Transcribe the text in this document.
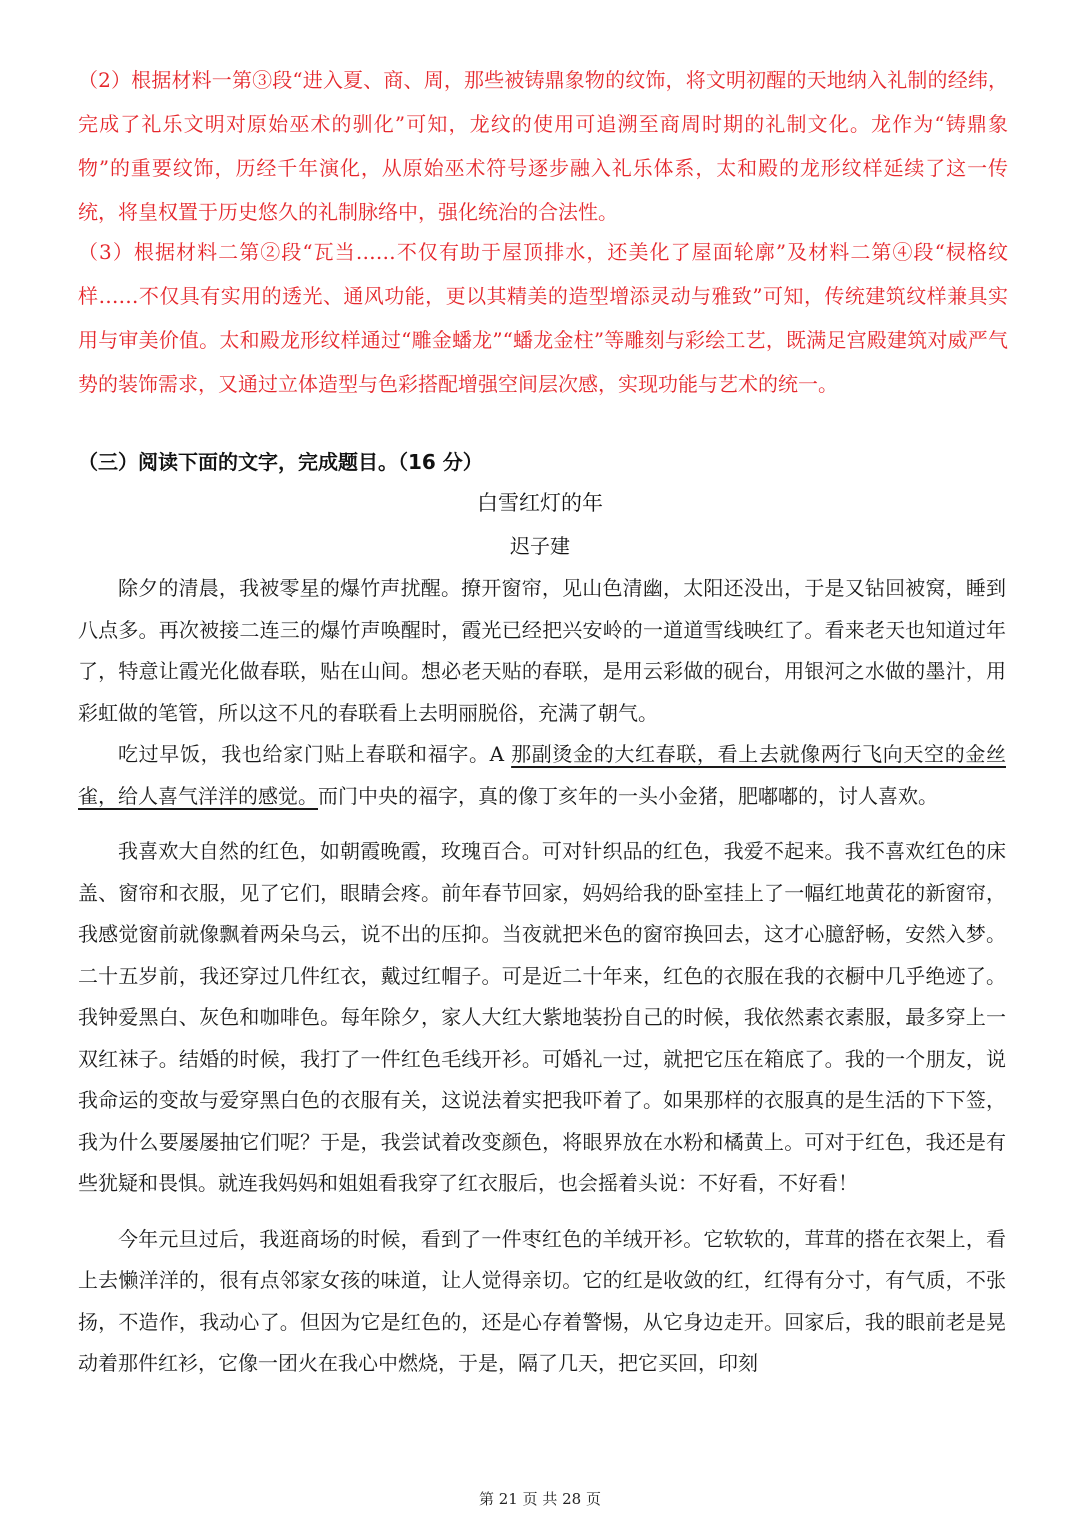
（2）根据材料一第③段“进入夏、商、周，那些被铸鼎象物的纹饰，将文明初醒的天地纳入礼制的经纬，完成了礼乐文明对原始巫术的驯化”可知，龙纹的使用可追溯至商周时期的礼制文化。龙作为“铸鼎象物”的重要纹饰，历经千年演化，从原始巫术符号逐步融入礼乐体系，太和殿的龙形纹样延续了这一传统，将皇权置于历史悠久的礼制脉络中，强化统治的合法性。

（3）根据材料二第②段“瓦当……不仅有助于屋顶排水，还美化了屋面轮廓”及材料二第④段“棂格纹样……不仅具有实用的透光、通风功能，更以其精美的造型增添灵动与雅致”可知，传统建筑纹样兼具实用与审美价值。太和殿龙形纹样通过“雕金蟠龙”“蟠龙金柱”等雕刻与彩绘工艺，既满足宫殿建筑对威严气势的装饰需求，又通过立体造型与色彩搭配增强空间层次感，实现功能与艺术的统一。

（三）阅读下面的文字，完成题目。（16 分）
白雪红灯的年
迟子建

除夕的清晨，我被零星的爆竹声扰醒。撩开窗帘，见山色清幽，太阳还没出，于是又钻回被窝，睡到八点多。再次被接二连三的爆竹声唤醒时，霞光已经把兴安岭的一道道雪线映红了。看来老天也知道过年了，特意让霞光化做春联，贴在山间。想必老天贴的春联，是用云彩做的砚台，用银河之水做的墨汁，用彩虹做的笔管，所以这不凡的春联看上去明丽脱俗，充满了朝气。

吃过早饭，我也给家门贴上春联和福字。A 那副烫金的大红春联，看上去就像两行飞向天空的金丝雀，给人喜气洋洋的感觉。而门中央的福字，真的像丁亥年的一头小金猪，肥嘟嘟的，讨人喜欢。

我喜欢大自然的红色，如朝霞晚霞，玫瑰百合。可对针织品的红色，我爱不起来。我不喜欢红色的床盖、窗帘和衣服，见了它们，眼睛会疼。前年春节回家，妈妈给我的卧室挂上了一幅红地黄花的新窗帘，我感觉窗前就像飘着两朵乌云，说不出的压抑。当夜就把米色的窗帘换回去，这才心臆舒畅，安然入梦。二十五岁前，我还穿过几件红衣，戴过红帽子。可是近二十年来，红色的衣服在我的衣橱中几乎绝迹了。我钟爱黑白、灰色和咖啡色。每年除夕，家人大红大紫地装扮自己的时候，我依然素衣素服，最多穿上一双红袜子。结婚的时候，我打了一件红色毛线开衫。可婚礼一过，就把它压在箱底了。我的一个朋友，说我命运的变故与爱穿黑白色的衣服有关，这说法着实把我吓着了。如果那样的衣服真的是生活的下下签，我为什么要屡屡抽它们呢？于是，我尝试着改变颜色，将眼界放在水粉和橘黄上。可对于红色，我还是有些犹疑和畏惧。就连我妈妈和姐姐看我穿了红衣服后，也会摇着头说：不好看，不好看！

今年元旦过后，我逛商场的时候，看到了一件枣红色的羊绒开衫。它软软的，茸茸的搭在衣架上，看上去懒洋洋的，很有点邻家女孩的味道，让人觉得亲切。它的红是收敛的红，红得有分寸，有气质，不张扬，不造作，我动心了。但因为它是红色的，还是心存着警惕，从它身边走开。回家后，我的眼前老是晃动着那件红衫，它像一团火在我心中燃烧，于是，隔了几天，把它买回，印刻

第 21 页 共 28 页
